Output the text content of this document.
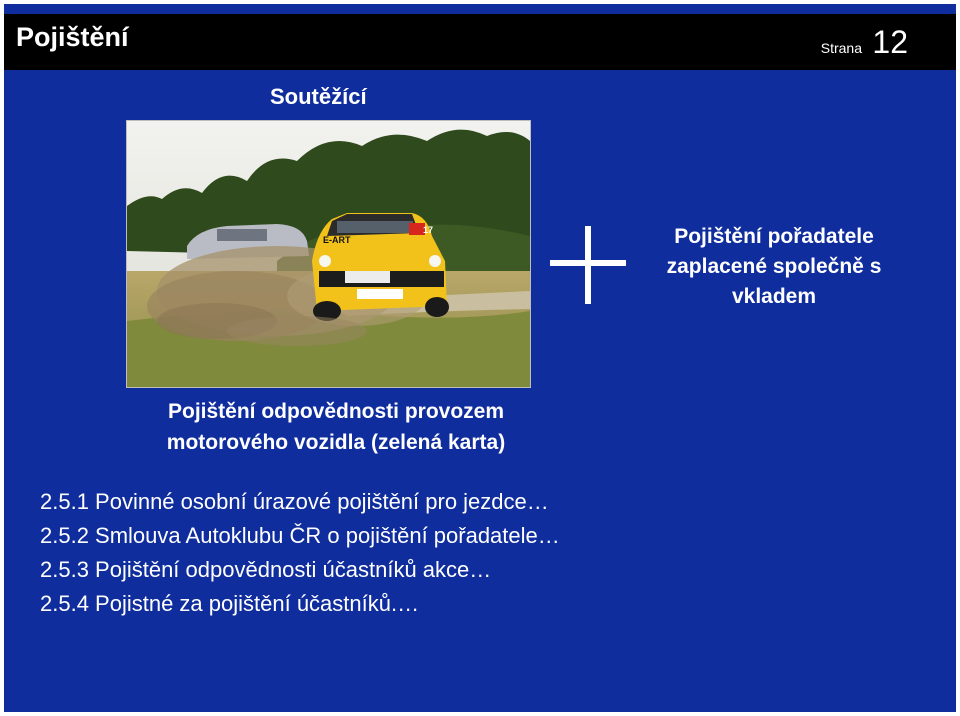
Pojištění	Strana 12
Soutěžící
E-ART
17	Pojištění pořadatele
zaplacené společně s
vkladem
Pojištění odpovědnosti provozem
motorového vozidla (zelená karta)
2.5.1 Povinné osobní úrazové pojištění pro jezdce…
2.5.2 Smlouva Autoklubu ČR o pojištění pořadatele…
2.5.3 Pojištění odpovědnosti účastníků akce…
2.5.4 Pojistné za pojištění účastníků.…
